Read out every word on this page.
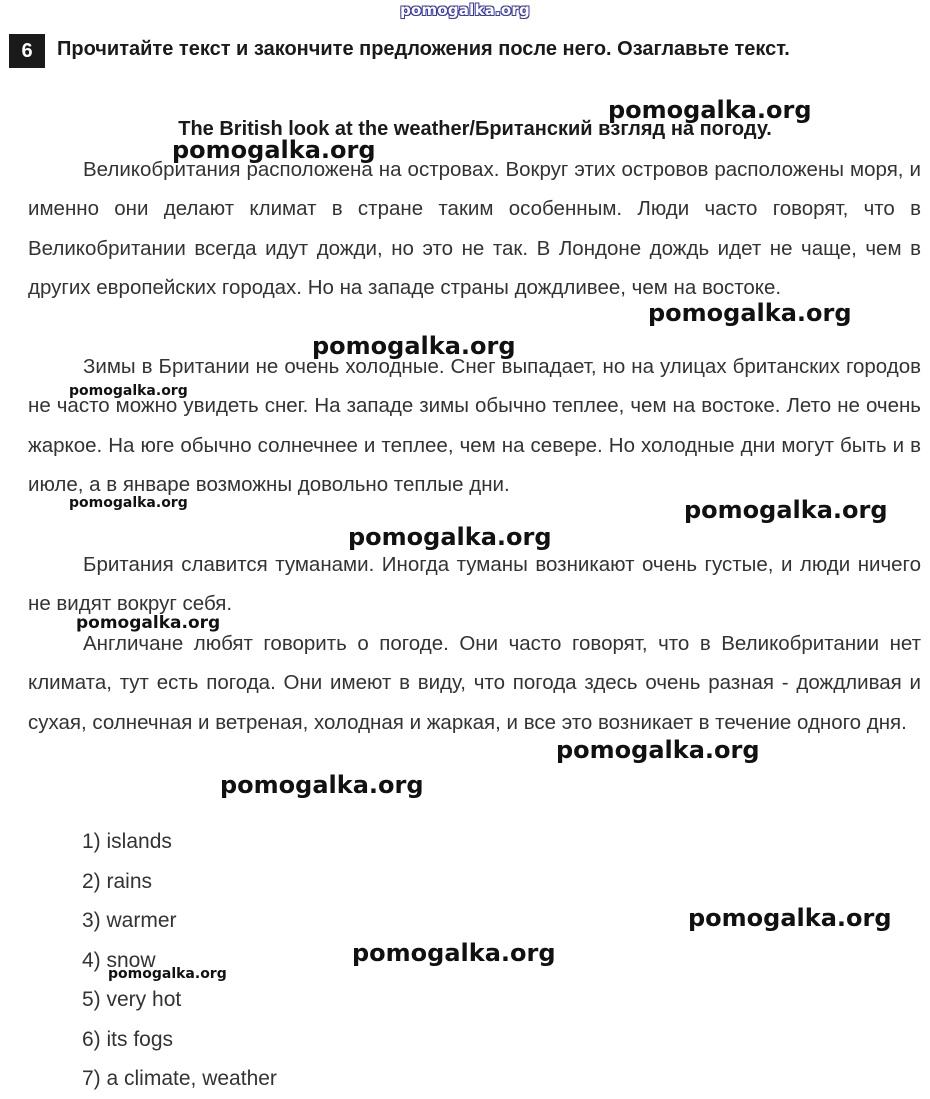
pomogalka.org
6	Прочитайте текст и закончите предложения после него. Озаглавьте текст.
The British look at the weather/Британский взгляд на погоду.

Великобритания расположена на островах. Вокруг этих островов расположены моря, и именно они делают климат в стране таким особенным. Люди часто говорят, что в Великобритании всегда идут дожди, но это не так. В Лондоне дождь идет не чаще, чем в других европейских городах. Но на западе страны дождливее, чем на востоке.

Зимы в Британии не очень холодные. Снег выпадает, но на улицах британских городов не часто можно увидеть снег. На западе зимы обычно теплее, чем на востоке. Лето не очень жаркое. На юге обычно солнечнее и теплее, чем на севере. Но холодные дни могут быть и в июле, а в январе возможны довольно теплые дни.

Британия славится туманами. Иногда туманы возникают очень густые, и люди ничего не видят вокруг себя.

Англичане любят говорить о погоде. Они часто говорят, что в Великобритании нет климата, тут есть погода. Они имеют в виду, что погода здесь очень разная - дождливая и сухая, солнечная и ветреная, холодная и жаркая, и все это возникает в течение одного дня.

1) islands
2) rains
3) warmer
4) snow
5) very hot
6) its fogs
7) a climate, weather
pomogalka.org
pomogalka.org
pomogalka.org
pomogalka.org
pomogalka.org
pomogalka.org	pomogalka.org
pomogalka.org
pomogalka.org
pomogalka.org
pomogalka.org
pomogalka.org
pomogalka.org
pomogalka.org
